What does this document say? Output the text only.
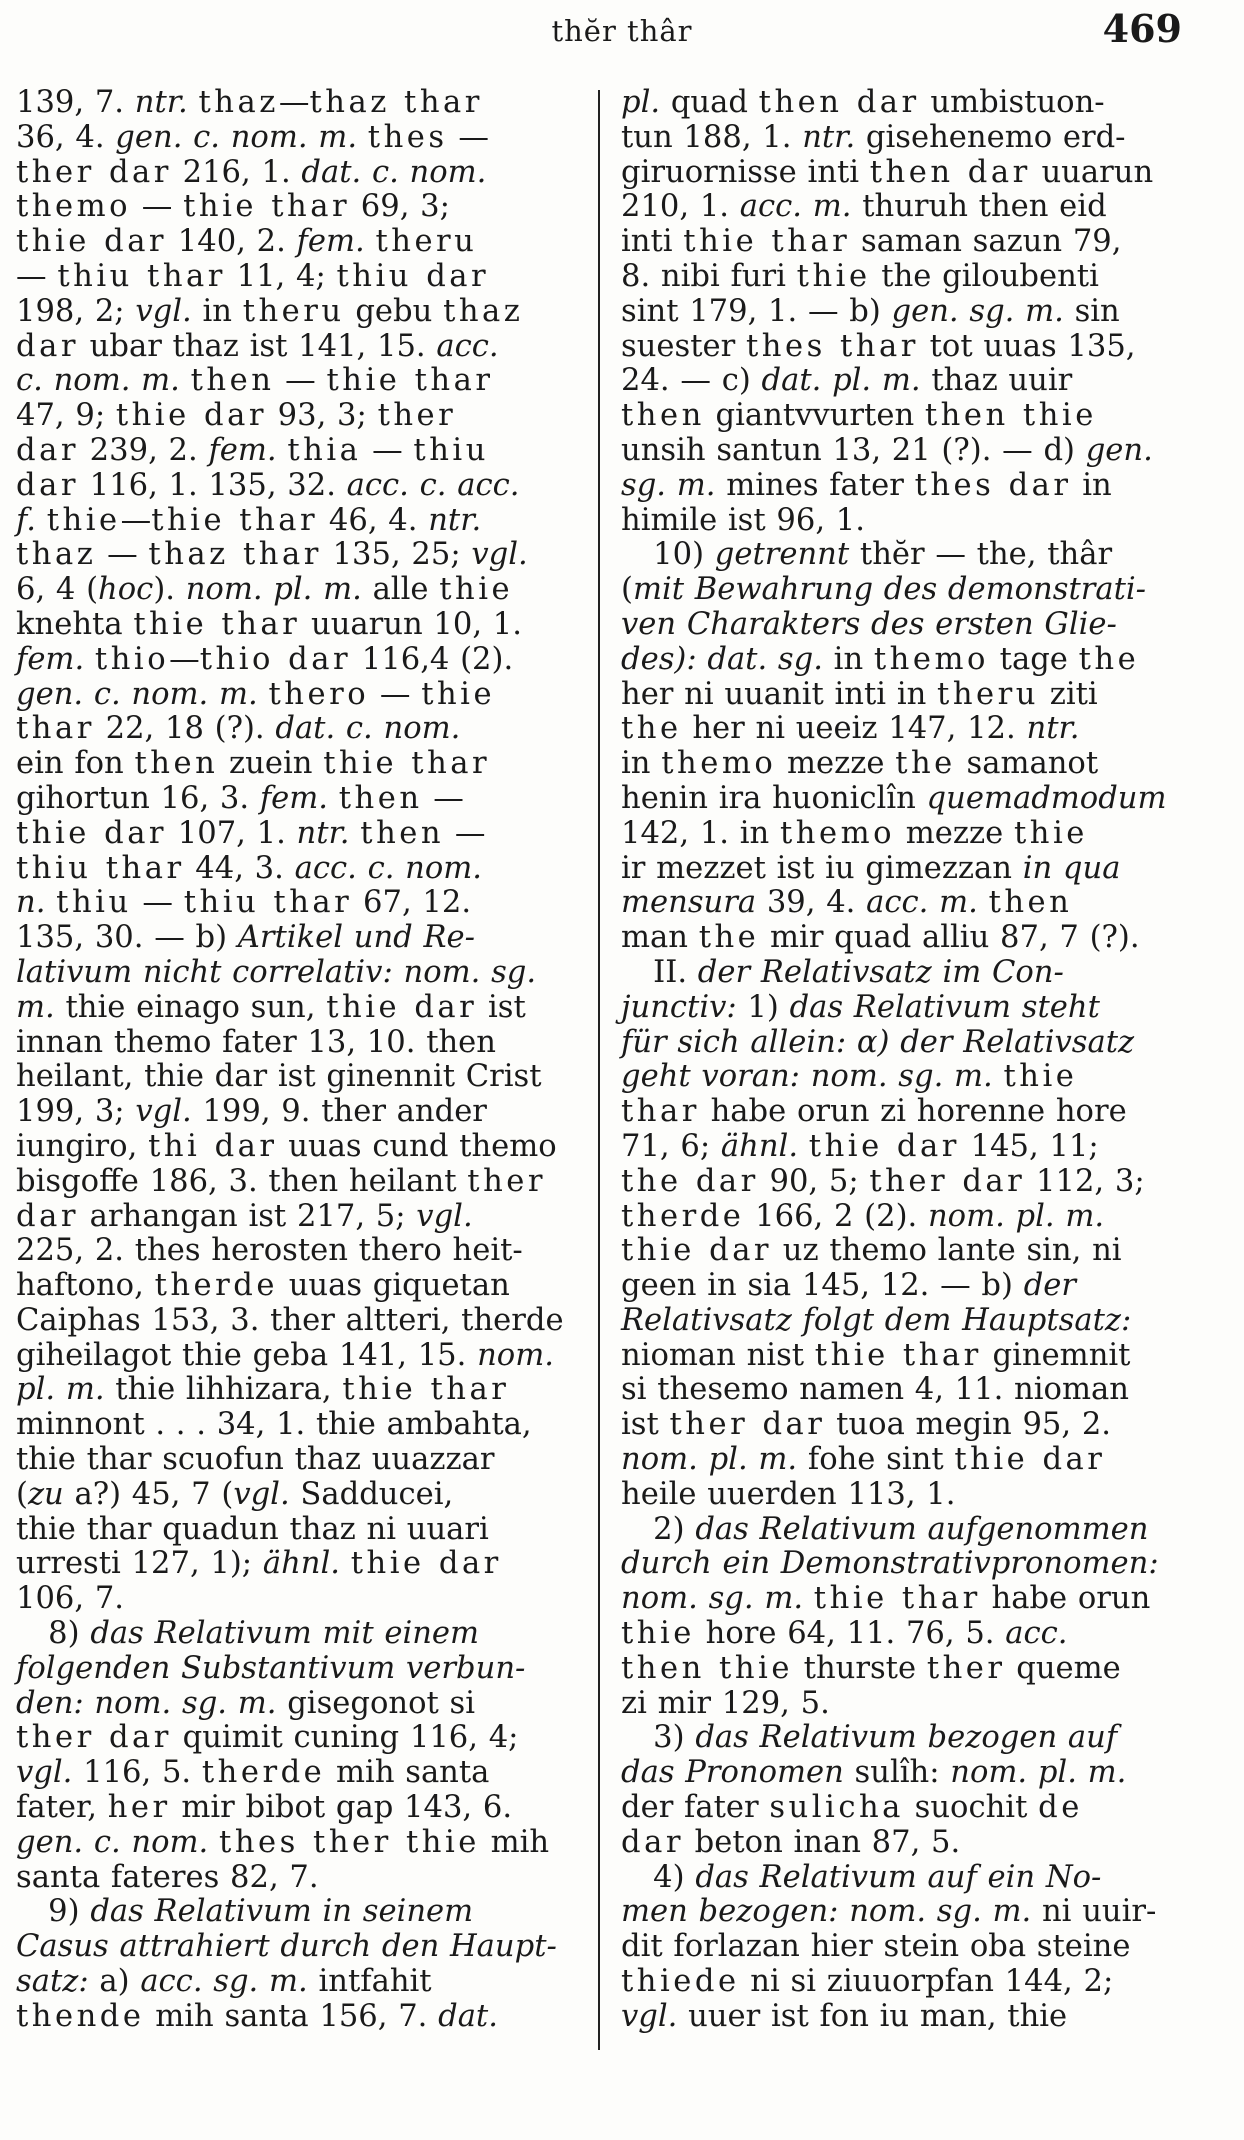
thĕr thâr	469
139, 7. ntr. thaz—thaz thar
36, 4. gen. c. nom. m. thes —
ther dar 216, 1. dat. c. nom.
themo — thie thar 69, 3;
thie dar 140, 2. fem. theru
— thiu thar 11, 4; thiu dar
198, 2; vgl. in theru gebu thaz
dar ubar thaz ist 141, 15. acc.
c. nom. m. then — thie thar
47, 9; thie dar 93, 3; ther
dar 239, 2. fem. thia — thiu
dar 116, 1. 135, 32. acc. c. acc.
f. thie—thie thar 46, 4. ntr.
thaz — thaz thar 135, 25; vgl.
6, 4 (hoc). nom. pl. m. alle thie
knehta thie thar uuarun 10, 1.
fem. thio—thio dar 116,4 (2).
gen. c. nom. m. thero — thie
thar 22, 18 (?). dat. c. nom.
ein fon then zuein thie thar
gihortun 16, 3. fem. then —
thie dar 107, 1. ntr. then —
thiu thar 44, 3. acc. c. nom.
n. thiu — thiu thar 67, 12.
135, 30. — b) Artikel und Re-
lativum nicht correlativ: nom. sg.
m. thie einago sun, thie dar ist
innan themo fater 13, 10. then
heilant, thie dar ist ginennit Crist
199, 3; vgl. 199, 9. ther ander
iungiro, thi dar uuas cund themo
bisgoffe 186, 3. then heilant ther
dar arhangan ist 217, 5; vgl.
225, 2. thes herosten thero heit-
haftono, therde uuas giquetan
Caiphas 153, 3. ther altteri, therde
giheilagot thie geba 141, 15. nom.
pl. m. thie lihhizara, thie thar
minnont . . . 34, 1. thie ambahta,
thie thar scuofun thaz uuazzar
(zu a?) 45, 7 (vgl. Sadducei,
thie thar quadun thaz ni uuari
urresti 127, 1); ähnl. thie dar
106, 7.
8) das Relativum mit einem
folgenden Substantivum verbun-
den: nom. sg. m. gisegonot si
ther dar quimit cuning 116, 4;
vgl. 116, 5. therde mih santa
fater, her mir bibot gap 143, 6.
gen. c. nom. thes ther thie mih
santa fateres 82, 7.
9) das Relativum in seinem
Casus attrahiert durch den Haupt-
satz: a) acc. sg. m. intfahit
thende mih santa 156, 7. dat.
pl. quad then dar umbistuon-
tun 188, 1. ntr. gisehenemo erd-
giruornisse inti then dar uuarun
210, 1. acc. m. thuruh then eid
inti thie thar saman sazun 79,
8. nibi furi thie the giloubenti
sint 179, 1. — b) gen. sg. m. sin
suester thes thar tot uuas 135,
24. — c) dat. pl. m. thaz uuir
then giantvvurten then thie
unsih santun 13, 21 (?). — d) gen.
sg. m. mines fater thes dar in
himile ist 96, 1.
10) getrennt thĕr — the, thâr
(mit Bewahrung des demonstrati-
ven Charakters des ersten Glie-
des): dat. sg. in themo tage the
her ni uuanit inti in theru ziti
the her ni ueeiz 147, 12. ntr.
in themo mezze the samanot
henin ira huoniclîn quemadmodum
142, 1. in themo mezze thie
ir mezzet ist iu gimezzan in qua
mensura 39, 4. acc. m. then
man the mir quad alliu 87, 7 (?).
II. der Relativsatz im Con-
junctiv: 1) das Relativum steht
für sich allein: α) der Relativsatz
geht voran: nom. sg. m. thie
thar habe orun zi horenne hore
71, 6; ähnl. thie dar 145, 11;
the dar 90, 5; ther dar 112, 3;
therde 166, 2 (2). nom. pl. m.
thie dar uz themo lante sin, ni
geen in sia 145, 12. — b) der
Relativsatz folgt dem Hauptsatz:
nioman nist thie thar ginemnit
si thesemo namen 4, 11. nioman
ist ther dar tuoa megin 95, 2.
nom. pl. m. fohe sint thie dar
heile uuerden 113, 1.
2) das Relativum aufgenommen
durch ein Demonstrativpronomen:
nom. sg. m. thie thar habe orun
thie hore 64, 11. 76, 5. acc.
then thie thurste ther queme
zi mir 129, 5.
3) das Relativum bezogen auf
das Pronomen sulîh: nom. pl. m.
der fater sulicha suochit de
dar beton inan 87, 5.
4) das Relativum auf ein No-
men bezogen: nom. sg. m. ni uuir-
dit forlazan hier stein oba steine
thiede ni si ziuuorpfan 144, 2;
vgl. uuer ist fon iu man, thie
